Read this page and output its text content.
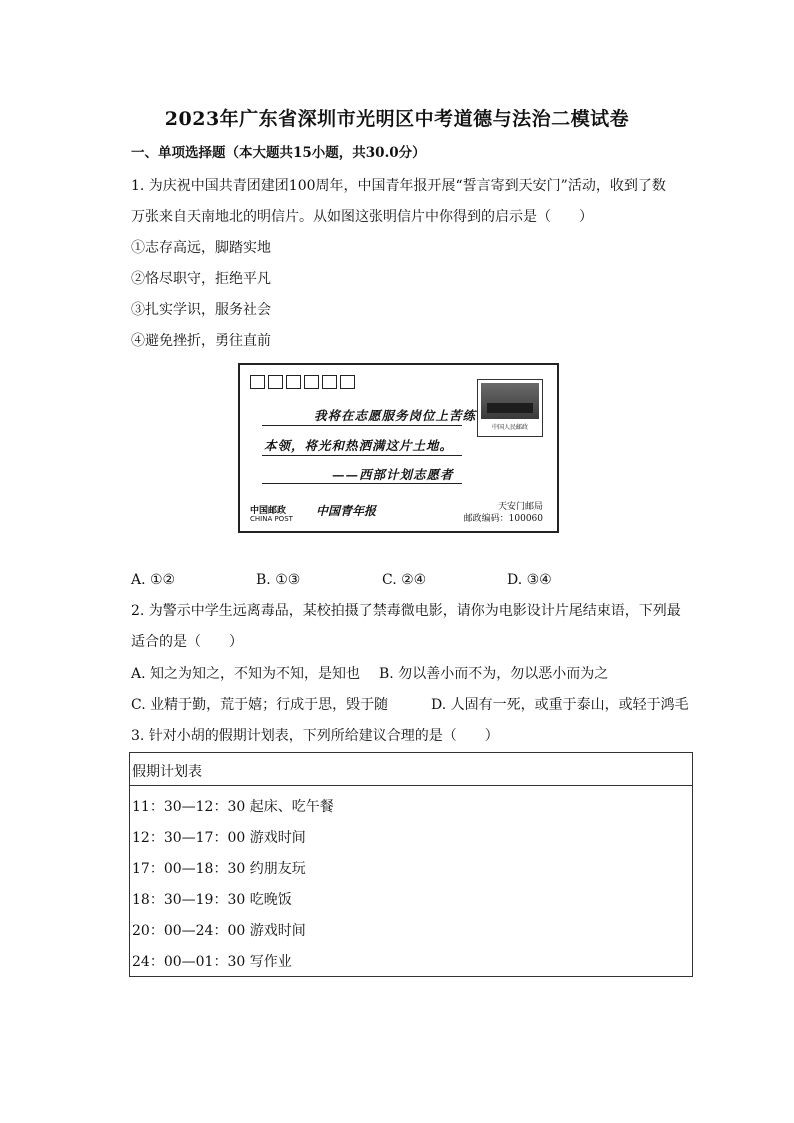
2023年广东省深圳市光明区中考道德与法治二模试卷
一、单项选择题（本大题共15小题，共30.0分）
1. 为庆祝中国共青团建团100周年，中国青年报开展“誓言寄到天安门”活动，收到了数
万张来自天南地北的明信片。从如图这张明信片中你得到的启示是（　　）
①志存高远，脚踏实地
②恪尽职守，拒绝平凡
③扎实学识，服务社会
④避免挫折，勇往直前
中国人民邮政
我将在志愿服务岗位上苦练
本领，将光和热洒满这片土地。
——西部计划志愿者
中国邮政
CHINA POST
中国青年报	天安门邮局
邮政编码：100060
A. ①②	B. ①③	C. ②④	D. ③④
2. 为警示中学生远离毒品，某校拍摄了禁毒微电影，请你为电影设计片尾结束语，下列最
适合的是（　　）
A. 知之为知之，不知为不知，是知也 B. 勿以善小而不为，勿以恶小而为之
C. 业精于勤，荒于嬉；行成于思，毁于随	D. 人固有一死，或重于泰山，或轻于鸿毛
3. 针对小胡的假期计划表，下列所给建议合理的是（　　）
假期计划表
11：30—12：30 起床、吃午餐
12：30—17：00 游戏时间
17：00—18：30 约朋友玩
18：30—19：30 吃晚饭
20：00—24：00 游戏时间
24：00—01：30 写作业
